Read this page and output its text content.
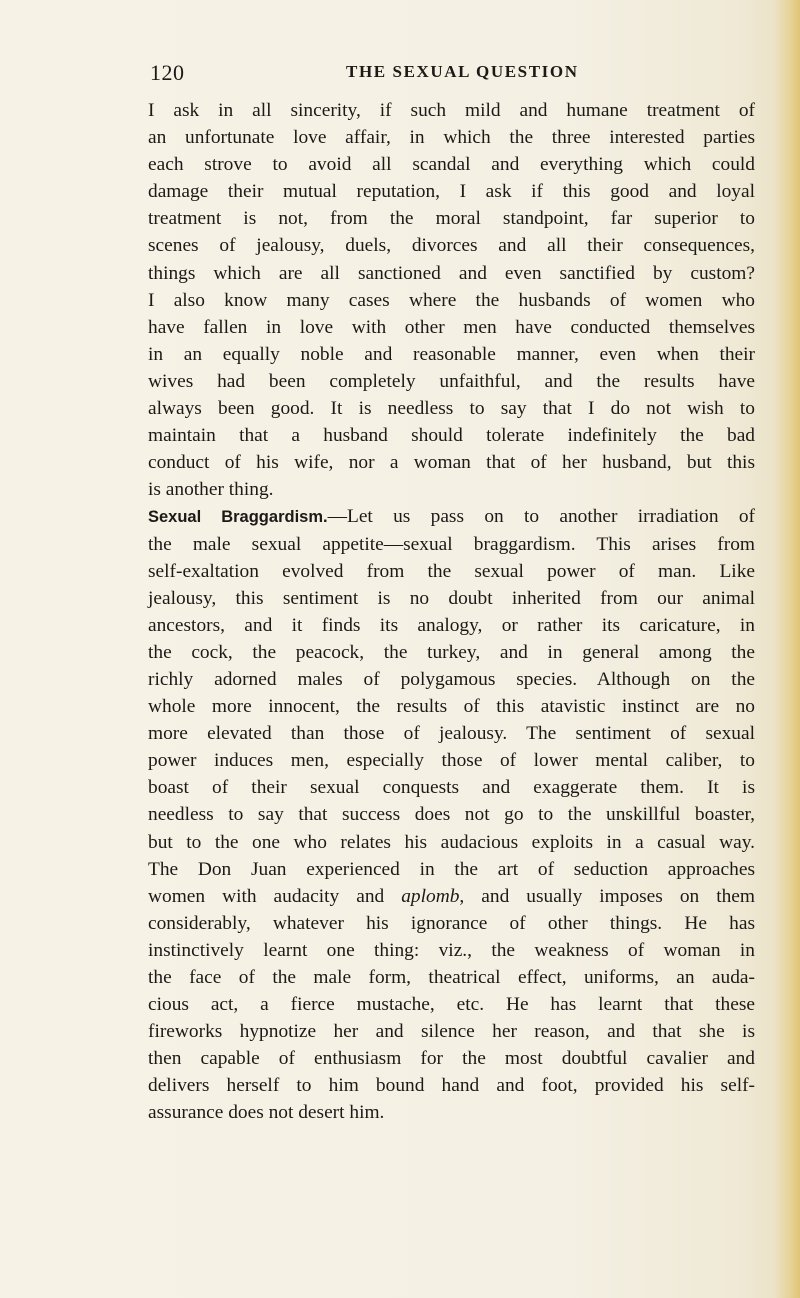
120	THE SEXUAL QUESTION
I ask in all sincerity, if such mild and humane treatment of
an unfortunate love affair, in which the three interested parties
each strove to avoid all scandal and everything which could
damage their mutual reputation, I ask if this good and loyal
treatment is not, from the moral standpoint, far superior to
scenes of jealousy, duels, divorces and all their consequences,
things which are all sanctioned and even sanctified by custom?
I also know many cases where the husbands of women who
have fallen in love with other men have conducted themselves
in an equally noble and reasonable manner, even when their
wives had been completely unfaithful, and the results have
always been good. It is needless to say that I do not wish to
maintain that a husband should tolerate indefinitely the bad
conduct of his wife, nor a woman that of her husband, but this
is another thing.
Sexual Braggardism.—Let us pass on to another irradiation of
the male sexual appetite—sexual braggardism. This arises from
self-exaltation evolved from the sexual power of man. Like
jealousy, this sentiment is no doubt inherited from our animal
ancestors, and it finds its analogy, or rather its caricature, in
the cock, the peacock, the turkey, and in general among the
richly adorned males of polygamous species. Although on the
whole more innocent, the results of this atavistic instinct are no
more elevated than those of jealousy. The sentiment of sexual
power induces men, especially those of lower mental caliber, to
boast of their sexual conquests and exaggerate them. It is
needless to say that success does not go to the unskillful boaster,
but to the one who relates his audacious exploits in a casual way.
The Don Juan experienced in the art of seduction approaches
women with audacity and aplomb, and usually imposes on them
considerably, whatever his ignorance of other things. He has
instinctively learnt one thing: viz., the weakness of woman in
the face of the male form, theatrical effect, uniforms, an auda-
cious act, a fierce mustache, etc. He has learnt that these
fireworks hypnotize her and silence her reason, and that she is
then capable of enthusiasm for the most doubtful cavalier and
delivers herself to him bound hand and foot, provided his self-
assurance does not desert him.
